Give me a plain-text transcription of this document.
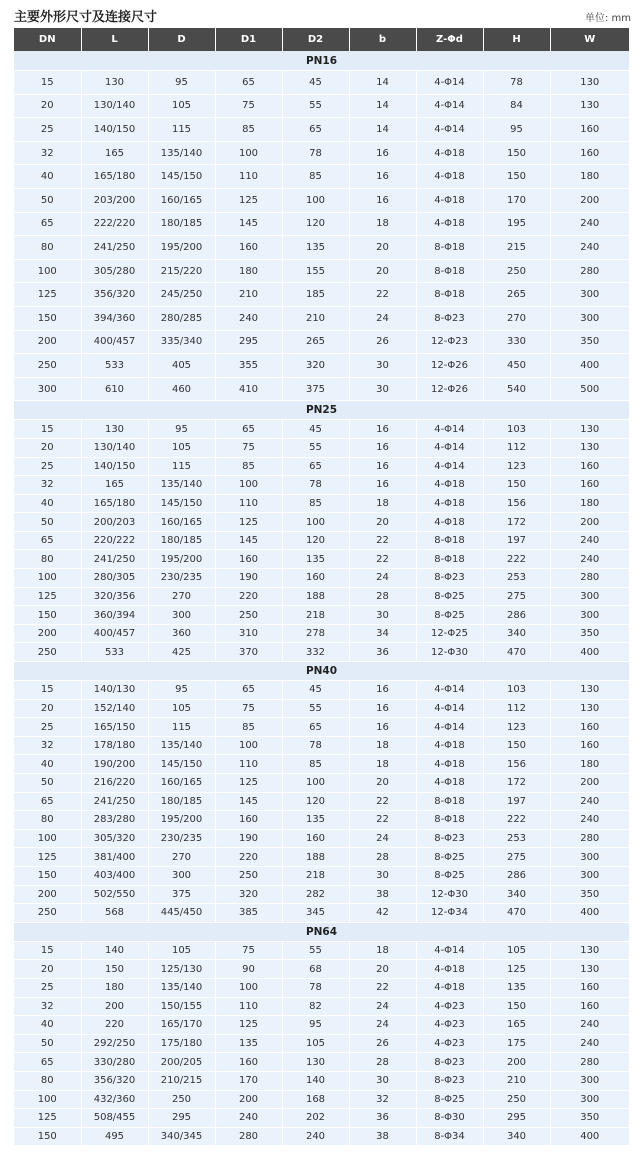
主要外形尺寸及连接尺寸	单位: mm
DN	L	D	D1	D2	b	Z-Φd	H	W
PN16								
15	130	95	65	45	14	4-Φ14	78	130
20	130/140	105	75	55	14	4-Φ14	84	130
25	140/150	115	85	65	14	4-Φ14	95	160
32	165	135/140	100	78	16	4-Φ18	150	160
40	165/180	145/150	110	85	16	4-Φ18	150	180
50	203/200	160/165	125	100	16	4-Φ18	170	200
65	222/220	180/185	145	120	18	4-Φ18	195	240
80	241/250	195/200	160	135	20	8-Φ18	215	240
100	305/280	215/220	180	155	20	8-Φ18	250	280
125	356/320	245/250	210	185	22	8-Φ18	265	300
150	394/360	280/285	240	210	24	8-Φ23	270	300
200	400/457	335/340	295	265	26	12-Φ23	330	350
250	533	405	355	320	30	12-Φ26	450	400
300	610	460	410	375	30	12-Φ26	540	500
PN25								
15	130	95	65	45	16	4-Φ14	103	130
20	130/140	105	75	55	16	4-Φ14	112	130
25	140/150	115	85	65	16	4-Φ14	123	160
32	165	135/140	100	78	16	4-Φ18	150	160
40	165/180	145/150	110	85	18	4-Φ18	156	180
50	200/203	160/165	125	100	20	4-Φ18	172	200
65	220/222	180/185	145	120	22	8-Φ18	197	240
80	241/250	195/200	160	135	22	8-Φ18	222	240
100	280/305	230/235	190	160	24	8-Φ23	253	280
125	320/356	270	220	188	28	8-Φ25	275	300
150	360/394	300	250	218	30	8-Φ25	286	300
200	400/457	360	310	278	34	12-Φ25	340	350
250	533	425	370	332	36	12-Φ30	470	400
PN40								
15	140/130	95	65	45	16	4-Φ14	103	130
20	152/140	105	75	55	16	4-Φ14	112	130
25	165/150	115	85	65	16	4-Φ14	123	160
32	178/180	135/140	100	78	18	4-Φ18	150	160
40	190/200	145/150	110	85	18	4-Φ18	156	180
50	216/220	160/165	125	100	20	4-Φ18	172	200
65	241/250	180/185	145	120	22	8-Φ18	197	240
80	283/280	195/200	160	135	22	8-Φ18	222	240
100	305/320	230/235	190	160	24	8-Φ23	253	280
125	381/400	270	220	188	28	8-Φ25	275	300
150	403/400	300	250	218	30	8-Φ25	286	300
200	502/550	375	320	282	38	12-Φ30	340	350
250	568	445/450	385	345	42	12-Φ34	470	400
PN64								
15	140	105	75	55	18	4-Φ14	105	130
20	150	125/130	90	68	20	4-Φ18	125	130
25	180	135/140	100	78	22	4-Φ18	135	160
32	200	150/155	110	82	24	4-Φ23	150	160
40	220	165/170	125	95	24	4-Φ23	165	240
50	292/250	175/180	135	105	26	4-Φ23	175	240
65	330/280	200/205	160	130	28	8-Φ23	200	280
80	356/320	210/215	170	140	30	8-Φ23	210	300
100	432/360	250	200	168	32	8-Φ25	250	300
125	508/455	295	240	202	36	8-Φ30	295	350
150	495	340/345	280	240	38	8-Φ34	340	400
